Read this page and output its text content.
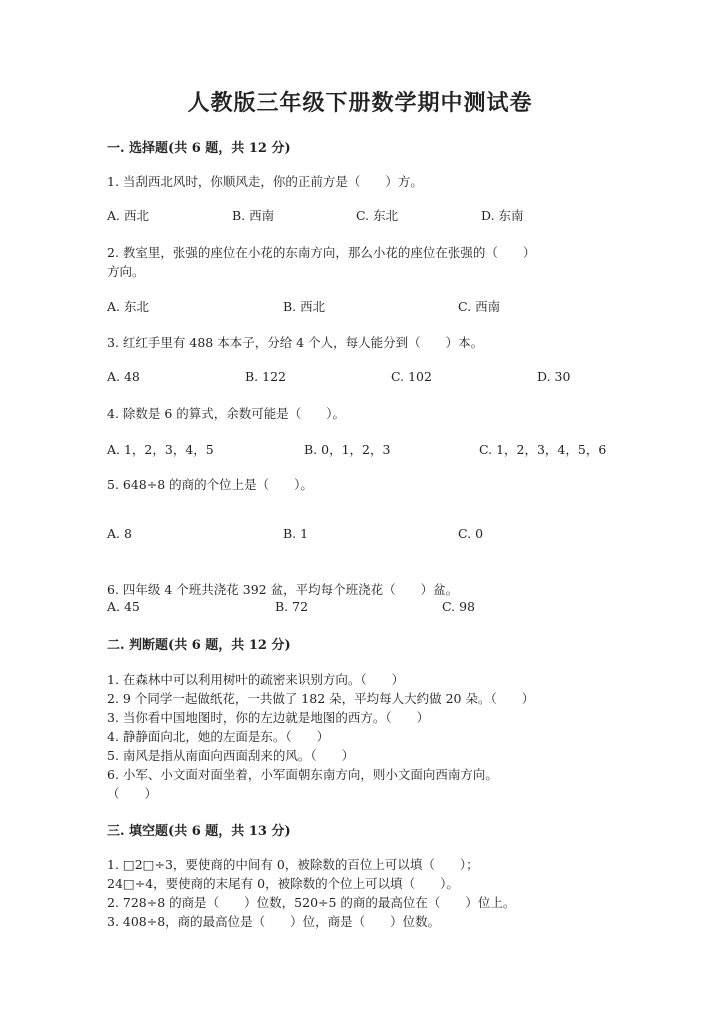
人教版三年级下册数学期中测试卷
一. 选择题(共 6 题，共 12 分)
1. 当刮西北风时，你顺风走，你的正前方是（　　）方。
A. 西北	B. 西南	C. 东北	D. 东南
2. 教室里，张强的座位在小花的东南方向，那么小花的座位在张强的（　　）
方向。
A. 东北	B. 西北	C. 西南
3. 红红手里有 488 本本子，分给 4 个人，每人能分到（　　）本。
A. 48	B. 122	C. 102	D. 30
4. 除数是 6 的算式，余数可能是（　　）。
A. 1，2，3，4，5	B. 0，1，2，3	C. 1，2，3，4，5，6
5. 648÷8 的商的个位上是（　　）。
A. 8	B. 1	C. 0
6. 四年级 4 个班共浇花 392 盆，平均每个班浇花（　　）盆。
A. 45	B. 72	C. 98
二. 判断题(共 6 题，共 12 分)
1. 在森林中可以利用树叶的疏密来识别方向。（　　）
2. 9 个同学一起做纸花，一共做了 182 朵，平均每人大约做 20 朵。（　　）
3. 当你看中国地图时，你的左边就是地图的西方。（　　）
4. 静静面向北，她的左面是东。（　　）
5. 南风是指从南面向西面刮来的风。（　　）
6. 小军、小文面对面坐着，小军面朝东南方向，则小文面向西南方向。
（　　）
三. 填空题(共 6 题，共 13 分)
1. □2□÷3，要使商的中间有 0，被除数的百位上可以填（　　）；
24□÷4，要使商的末尾有 0，被除数的个位上可以填（　　）。
2. 728÷8 的商是（　　）位数，520÷5 的商的最高位在（　　）位上。
3. 408÷8，商的最高位是（　　）位，商是（　　）位数。
